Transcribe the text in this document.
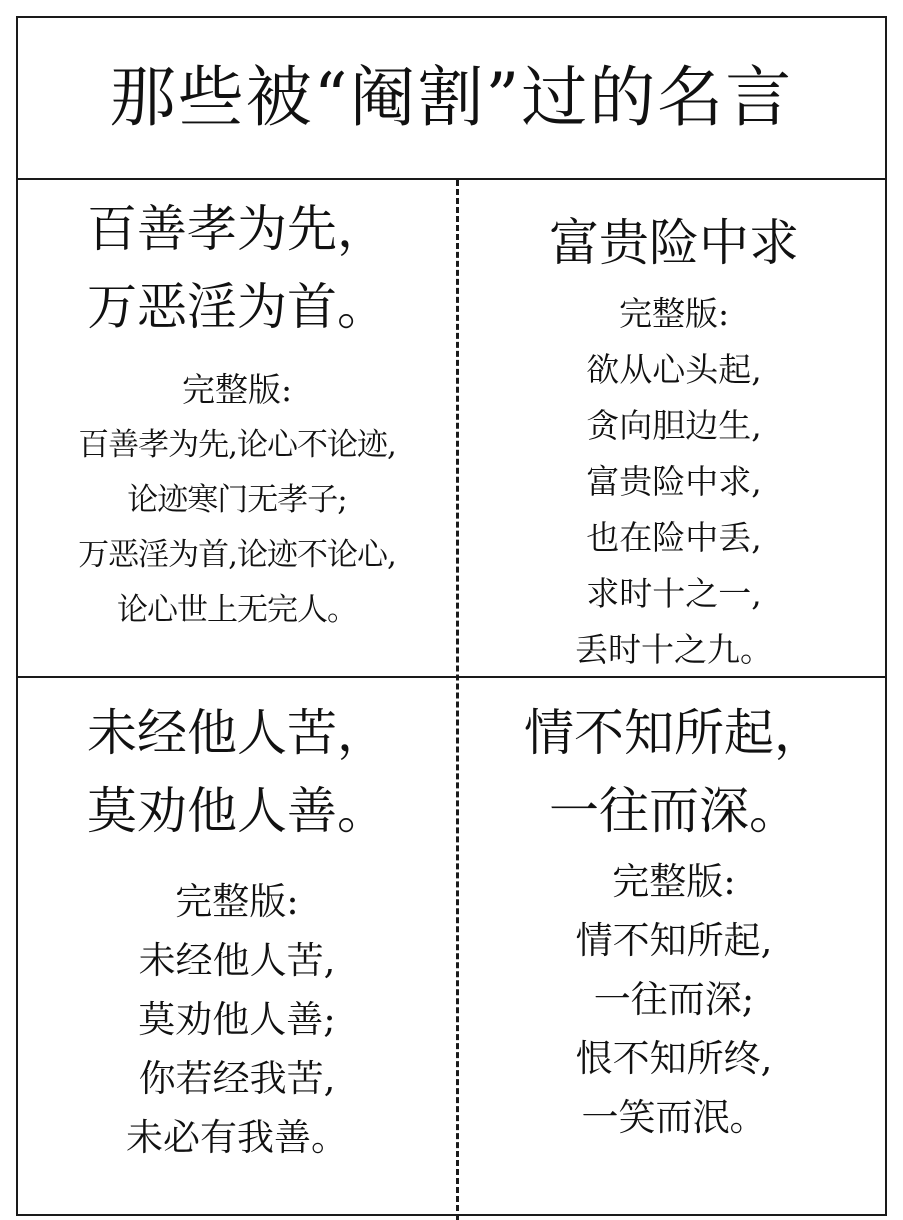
那些被“阉割”过的名言
百善孝为先，
万恶淫为首。
完整版:
百善孝为先,论心不论迹,
论迹寒门无孝子;
万恶淫为首,论迹不论心,
论心世上无完人。
富贵险中求
完整版:
欲从心头起,
贪向胆边生,
富贵险中求,
也在险中丢,
求时十之一,
丢时十之九。
未经他人苦，
莫劝他人善。
完整版:
未经他人苦,
莫劝他人善;
你若经我苦,
未必有我善。
情不知所起，
一往而深。
完整版:
情不知所起,
一往而深;
恨不知所终,
一笑而泯。
